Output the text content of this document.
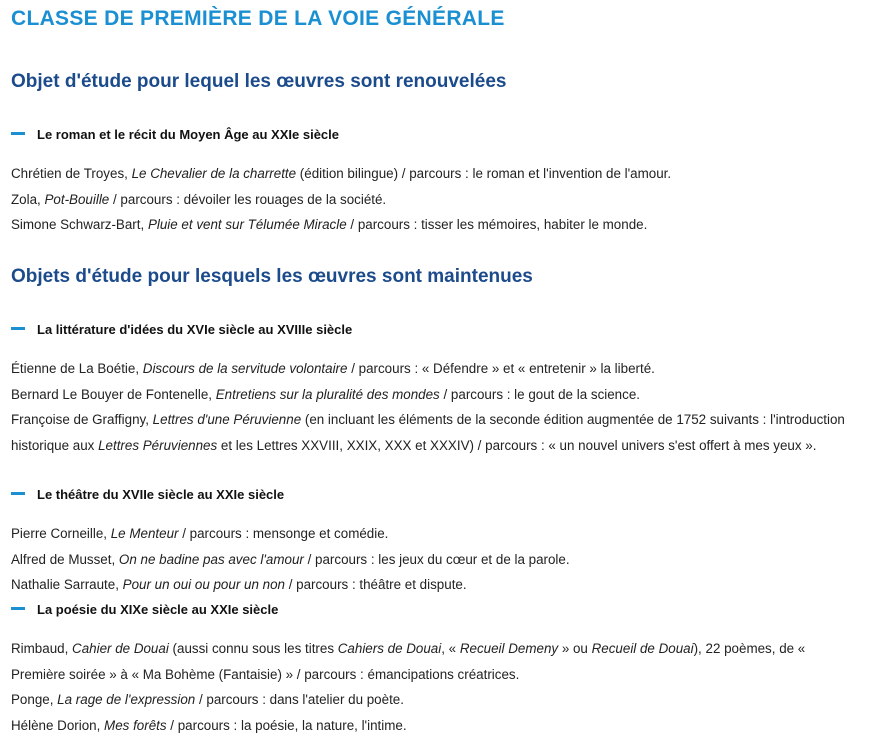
CLASSE DE PREMIÈRE DE LA VOIE GÉNÉRALE
Objet d'étude pour lequel les œuvres sont renouvelées
Le roman et le récit du Moyen Âge au XXIe siècle
Chrétien de Troyes, Le Chevalier de la charrette (édition bilingue) / parcours : le roman et l'invention de l'amour.
Zola, Pot-Bouille / parcours : dévoiler les rouages de la société.
Simone Schwarz-Bart, Pluie et vent sur Télumée Miracle / parcours : tisser les mémoires, habiter le monde.
Objets d'étude pour lesquels les œuvres sont maintenues
La littérature d'idées du XVIe siècle au XVIIIe siècle
Étienne de La Boétie, Discours de la servitude volontaire / parcours : « Défendre » et « entretenir » la liberté.
Bernard Le Bouyer de Fontenelle, Entretiens sur la pluralité des mondes / parcours : le gout de la science.
Françoise de Graffigny, Lettres d'une Péruvienne (en incluant les éléments de la seconde édition augmentée de 1752 suivants : l'introduction historique aux Lettres Péruviennes et les Lettres XXVIII, XXIX, XXX et XXXIV) / parcours : « un nouvel univers s'est offert à mes yeux ».
Le théâtre du XVIIe siècle au XXIe siècle
Pierre Corneille, Le Menteur / parcours : mensonge et comédie.
Alfred de Musset, On ne badine pas avec l'amour / parcours : les jeux du cœur et de la parole.
Nathalie Sarraute, Pour un oui ou pour un non / parcours : théâtre et dispute.
La poésie du XIXe siècle au XXIe siècle
Rimbaud, Cahier de Douai (aussi connu sous les titres Cahiers de Douai, « Recueil Demeny » ou Recueil de Douai), 22 poèmes, de « Première soirée » à « Ma Bohème (Fantaisie) » / parcours : émancipations créatrices.
Ponge, La rage de l'expression / parcours : dans l'atelier du poète.
Hélène Dorion, Mes forêts / parcours : la poésie, la nature, l'intime.
